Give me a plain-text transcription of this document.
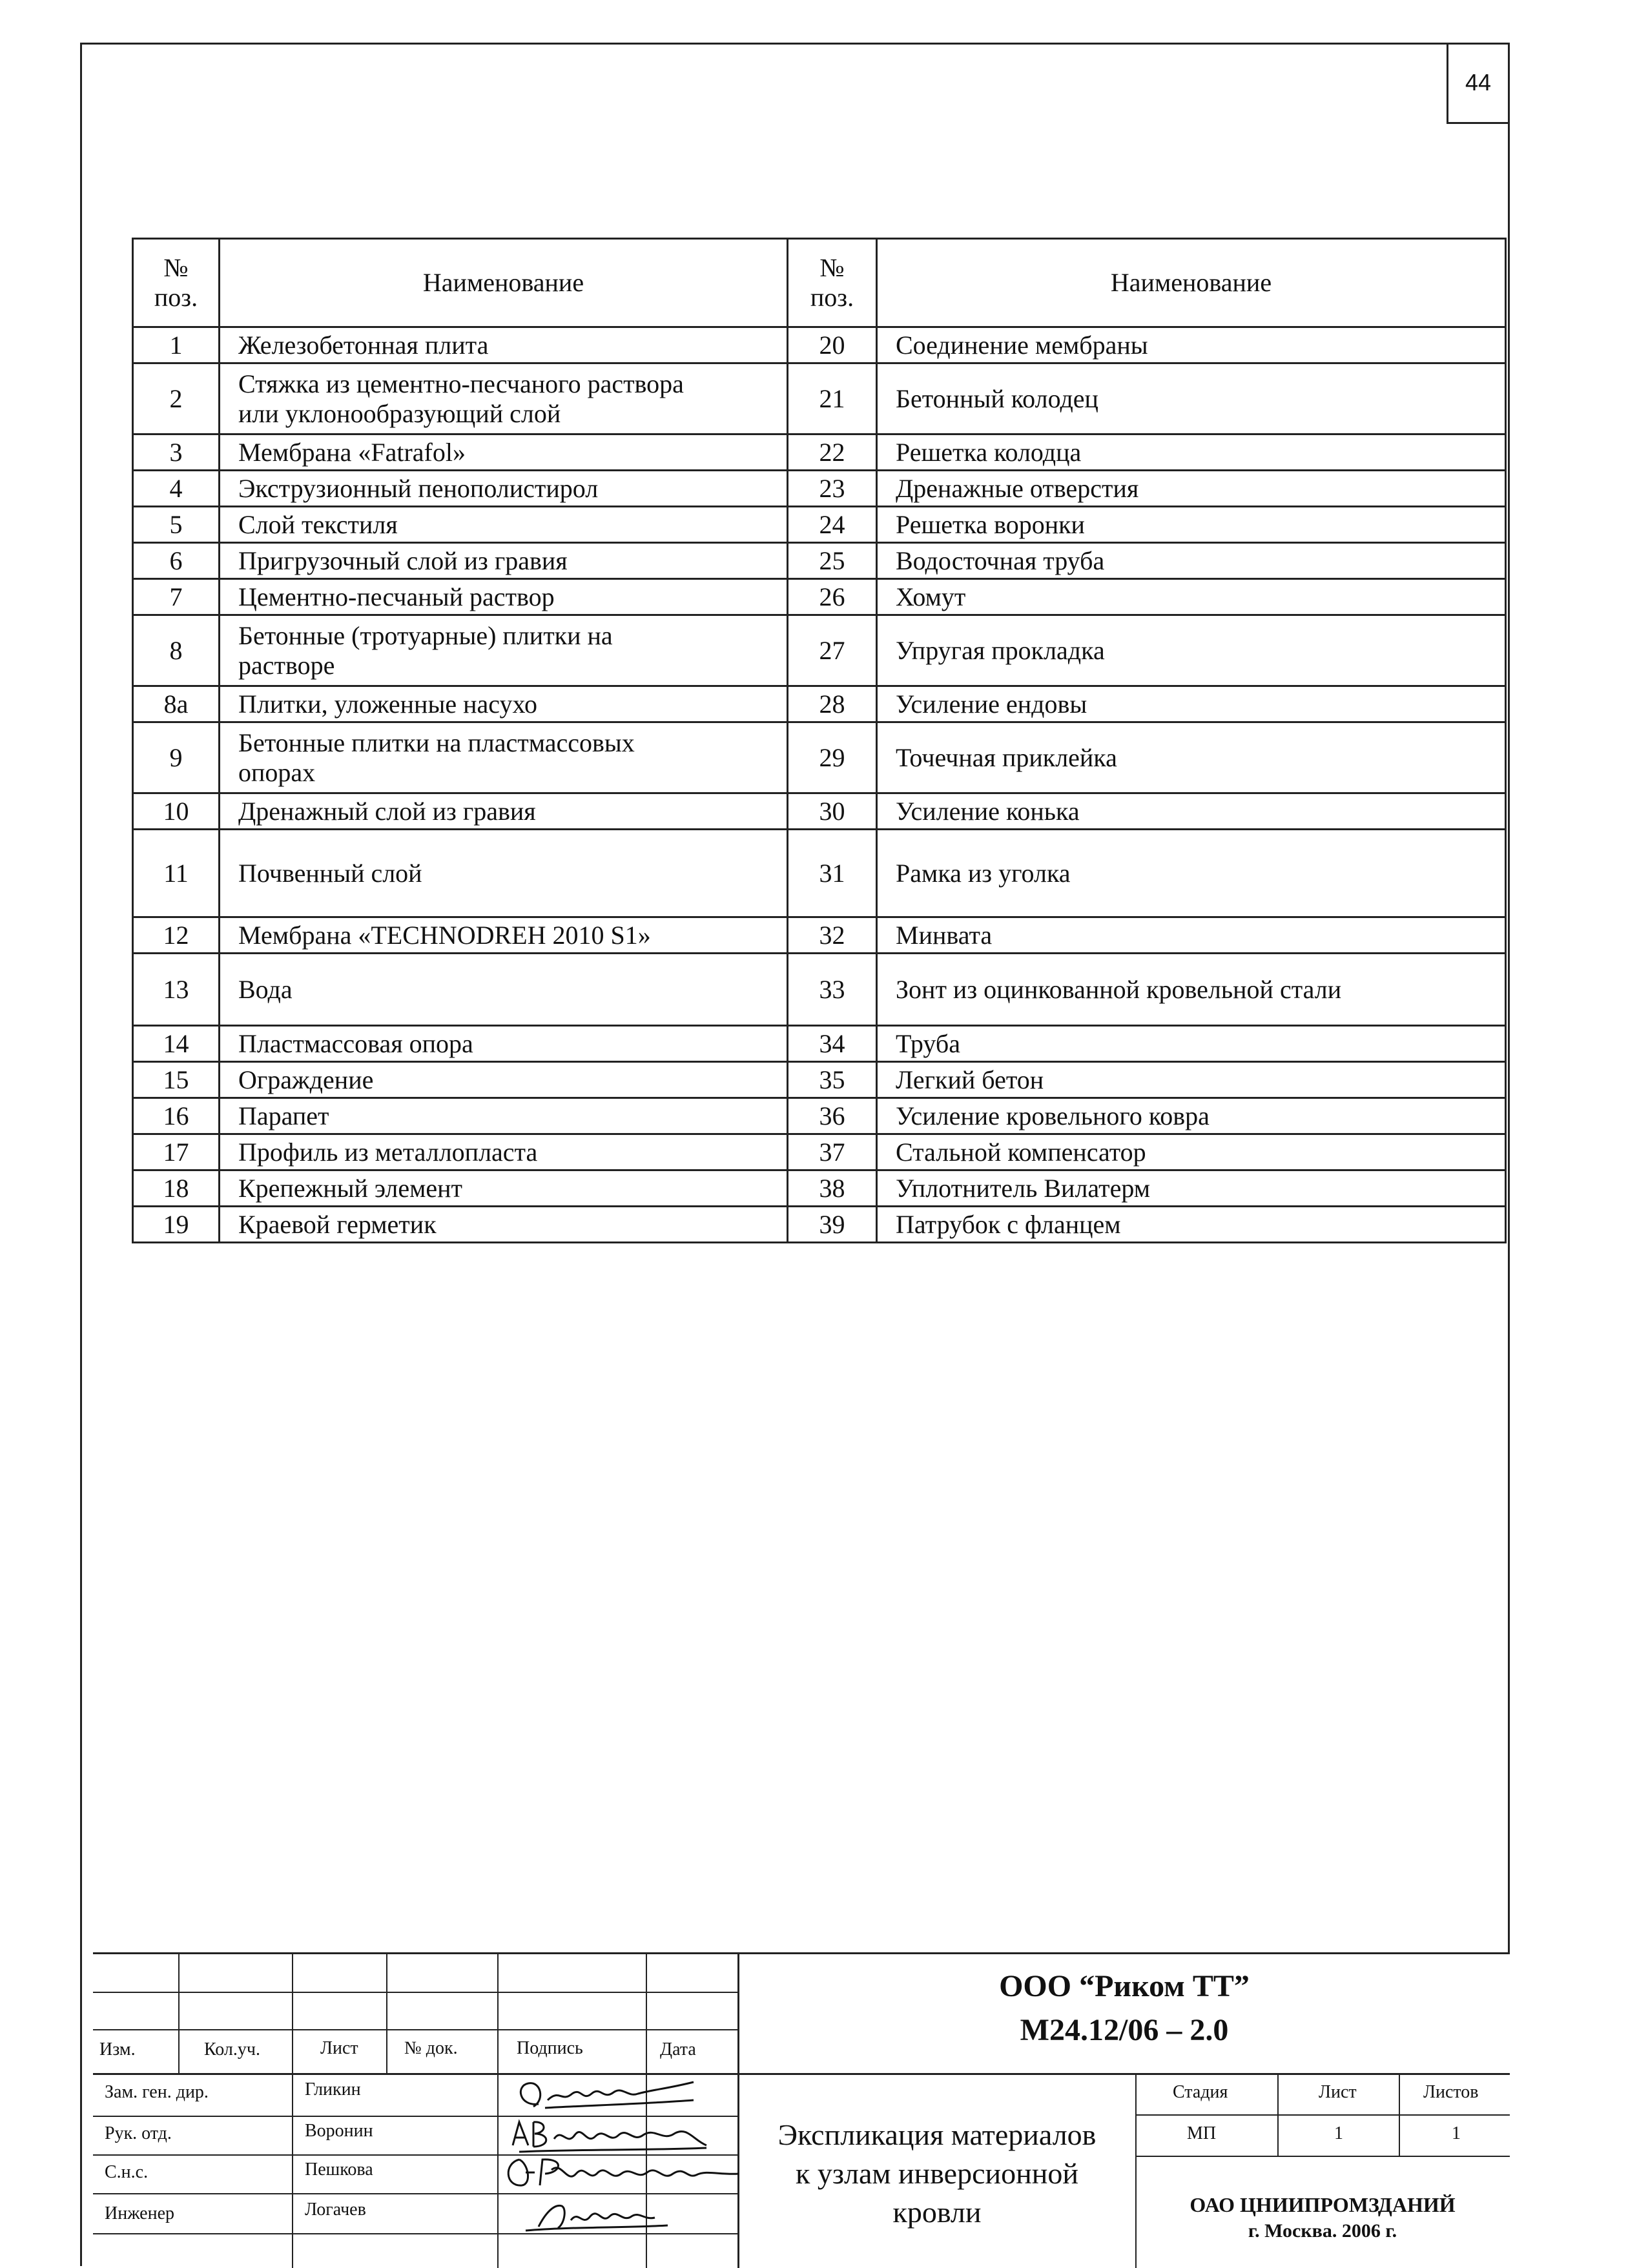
44
№
поз.	Наименование	№
поз.	Наименование
1	Железобетонная плита	20	Соединение мембраны
2	Стяжка из цементно-песчаного раствора
или уклонообразующий слой	21	Бетонный колодец
3	Мембрана «Fatrafol»	22	Решетка колодца
4	Экструзионный пенополистирол	23	Дренажные отверстия
5	Слой текстиля	24	Решетка воронки
6	Пригрузочный слой из гравия	25	Водосточная труба
7	Цементно-песчаный раствор	26	Хомут
8	Бетонные (тротуарные) плитки на
растворе	27	Упругая прокладка
8а	Плитки, уложенные насухо	28	Усиление ендовы
9	Бетонные плитки на пластмассовых
опорах	29	Точечная приклейка
10	Дренажный слой из гравия	30	Усиление конька
11	Почвенный слой	31	Рамка из уголка
12	Мембрана «TECHNODREH 2010 S1»	32	Минвата
13	Вода	33	Зонт из оцинкованной кровельной стали
14	Пластмассовая опора	34	Труба
15	Ограждение	35	Легкий бетон
16	Парапет	36	Усиление кровельного ковра
17	Профиль из металлопласта	37	Стальной компенсатор
18	Крепежный элемент	38	Уплотнитель Вилатерм
19	Краевой герметик	39	Патрубок с фланцем
Изм.	Кол.уч.	Лист	№ док.	Подпись	Дата
Зам. ген. дир.	Гликин
Рук. отд.	Воронин
С.н.с.	Пешкова
Инженер	Логачев
ООО “Риком ТТ”
М24.12/06 – 2.0
Экспликация материалов
к узлам инверсионной
кровли
Стадия	Лист	Листов
МП	1	1
ОАО ЦНИИПРОМЗДАНИЙ
г. Москва. 2006 г.
